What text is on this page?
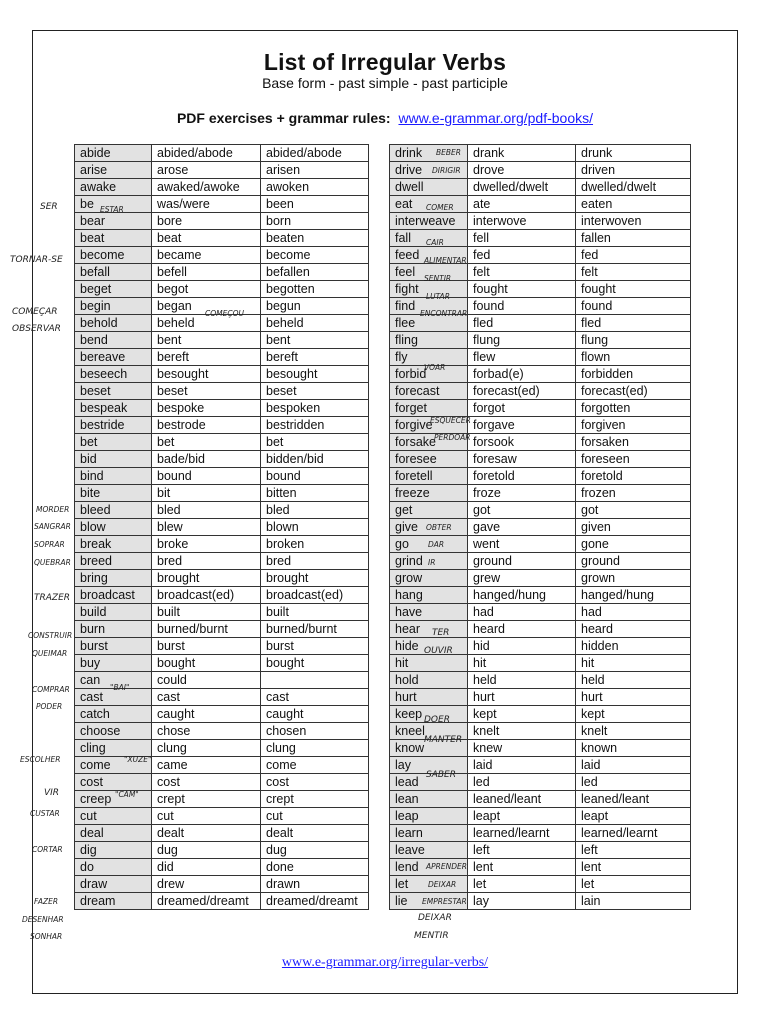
List of Irregular Verbs
Base form - past simple - past participle
PDF exercises + grammar rules: www.e-grammar.org/pdf-books/
abide	abided/abode	abided/abode
arise	arose	arisen
awake	awaked/awoke	awoken
be	was/were	been
bear	bore	born
beat	beat	beaten
become	became	become
befall	befell	befallen
beget	begot	begotten
begin	began	begun
behold	beheld	beheld
bend	bent	bent
bereave	bereft	bereft
beseech	besought	besought
beset	beset	beset
bespeak	bespoke	bespoken
bestride	bestrode	bestridden
bet	bet	bet
bid	bade/bid	bidden/bid
bind	bound	bound
bite	bit	bitten
bleed	bled	bled
blow	blew	blown
break	broke	broken
breed	bred	bred
bring	brought	brought
broadcast	broadcast(ed)	broadcast(ed)
build	built	built
burn	burned/burnt	burned/burnt
burst	burst	burst
buy	bought	bought
can	could	
cast	cast	cast
catch	caught	caught
choose	chose	chosen
cling	clung	clung
come	came	come
cost	cost	cost
creep	crept	crept
cut	cut	cut
deal	dealt	dealt
dig	dug	dug
do	did	done
draw	drew	drawn
dream	dreamed/dreamt	dreamed/dreamt
drink	drank	drunk
drive	drove	driven
dwell	dwelled/dwelt	dwelled/dwelt
eat	ate	eaten
interweave	interwove	interwoven
fall	fell	fallen
feed	fed	fed
feel	felt	felt
fight	fought	fought
find	found	found
flee	fled	fled
fling	flung	flung
fly	flew	flown
forbid	forbad(e)	forbidden
forecast	forecast(ed)	forecast(ed)
forget	forgot	forgotten
forgive	forgave	forgiven
forsake	forsook	forsaken
foresee	foresaw	foreseen
foretell	foretold	foretold
freeze	froze	frozen
get	got	got
give	gave	given
go	went	gone
grind	ground	ground
grow	grew	grown
hang	hanged/hung	hanged/hung
have	had	had
hear	heard	heard
hide	hid	hidden
hit	hit	hit
hold	held	held
hurt	hurt	hurt
keep	kept	kept
kneel	knelt	knelt
know	knew	known
lay	laid	laid
lead	led	led
lean	leaned/leant	leaned/leant
leap	leapt	leapt
learn	learned/learnt	learned/learnt
leave	left	left
lend	lent	lent
let	let	let
lie	lay	lain
www.e-grammar.org/irregular-verbs/
SER
TORNAR-SE
COMEÇAR
OBSERVAR
MORDER
SANGRAR
SOPRAR
QUEBRAR
TRAZER
CONSTRUIR
QUEIMAR
COMPRAR
PODER
ESCOLHER
VIR
CUSTAR
CORTAR
FAZER
DESENHAR
SONHAR
ESTAR
COMEÇOU
"BAI"
"XUZE"
"CAM"
BEBER
DIRIGIR
COMER
CAIR
ALIMENTAR
SENTIR
LUTAR
ENCONTRAR
VOAR
ESQUECER
PERDOAR
OBTER
DAR
IR
TER
OUVIR
DOER
MANTER
SABER
APRENDER
DEIXAR
EMPRESTAR
DEIXAR
MENTIR
